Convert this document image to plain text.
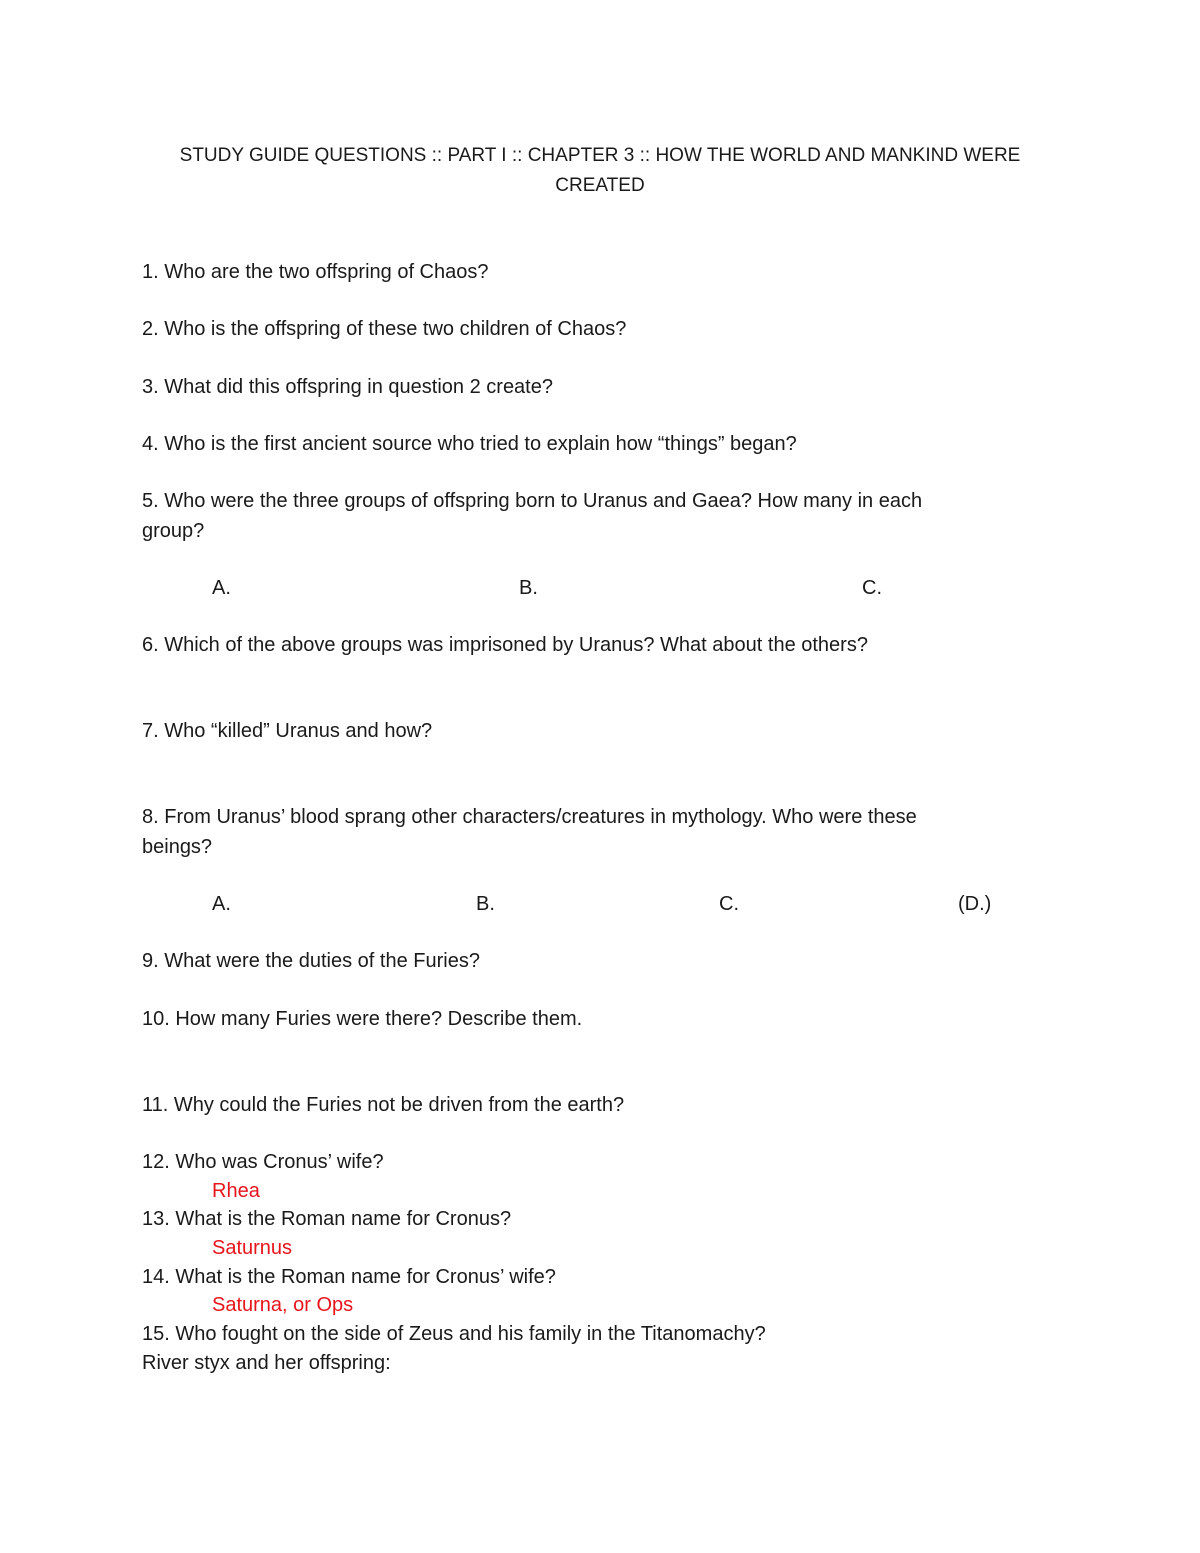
STUDY GUIDE QUESTIONS :: PART I :: CHAPTER 3 :: HOW THE WORLD AND MANKIND WERE
CREATED
1. Who are the two offspring of Chaos?
2. Who is the offspring of these two children of Chaos?
3. What did this offspring in question 2 create?
4. Who is the first ancient source who tried to explain how “things” began?
5. Who were the three groups of offspring born to Uranus and Gaea? How many in each
group?
A.	B.	C.
6. Which of the above groups was imprisoned by Uranus? What about the others?
7. Who “killed” Uranus and how?
8. From Uranus’ blood sprang other characters/creatures in mythology. Who were these
beings?
A.	B.	C.	(D.)
9. What were the duties of the Furies?
10. How many Furies were there? Describe them.
11. Why could the Furies not be driven from the earth?
12. Who was Cronus’ wife?
Rhea
13. What is the Roman name for Cronus?
Saturnus
14. What is the Roman name for Cronus’ wife?
Saturna, or Ops
15. Who fought on the side of Zeus and his family in the Titanomachy?
River styx and her offspring:
